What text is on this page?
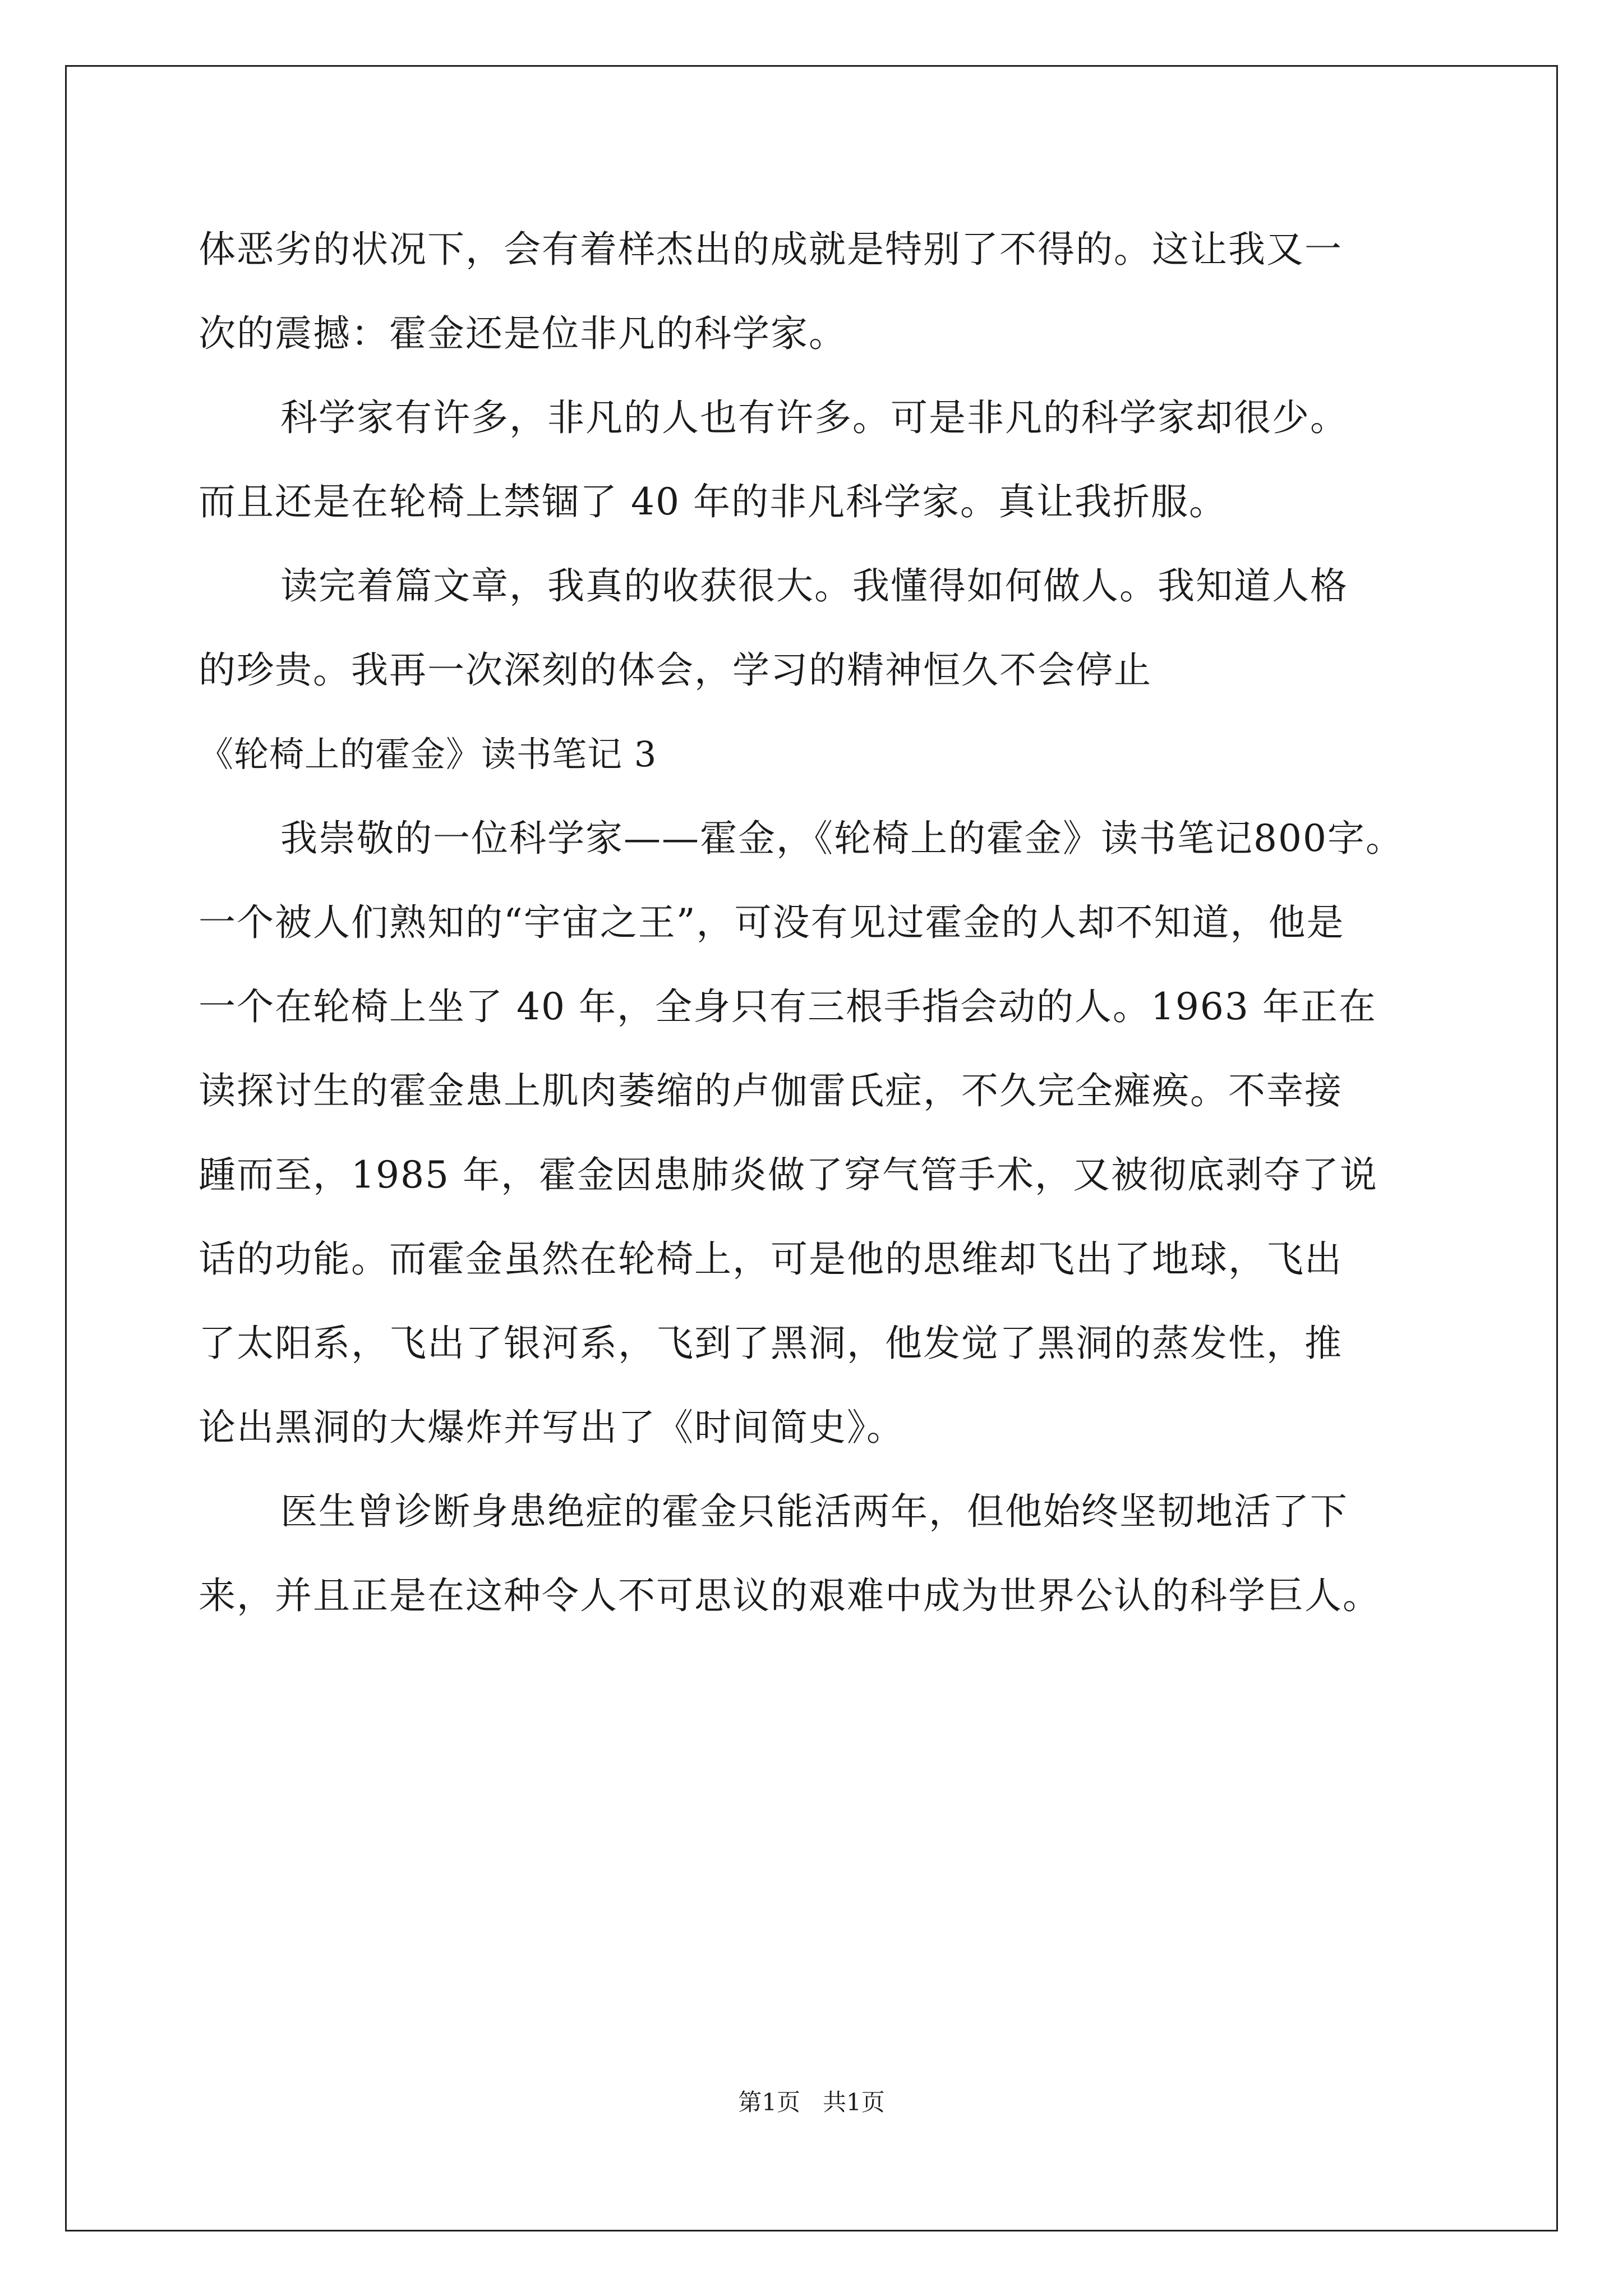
体恶劣的状况下，会有着样杰出的成就是特别了不得的。这让我又一
次的震撼：霍金还是位非凡的科学家。
科学家有许多，非凡的人也有许多。可是非凡的科学家却很少。
而且还是在轮椅上禁锢了 40 年的非凡科学家。真让我折服。
读完着篇文章，我真的收获很大。我懂得如何做人。我知道人格
的珍贵。我再一次深刻的体会，学习的精神恒久不会停止
《轮椅上的霍金》读书笔记 3
我崇敬的一位科学家——霍金，《轮椅上的霍金》读书笔记800字。
一个被人们熟知的“宇宙之王”，可没有见过霍金的人却不知道，他是
一个在轮椅上坐了 40 年，全身只有三根手指会动的人。1963 年正在
读探讨生的霍金患上肌肉萎缩的卢伽雷氏症，不久完全瘫痪。不幸接
踵而至，1985 年，霍金因患肺炎做了穿气管手术，又被彻底剥夺了说
话的功能。而霍金虽然在轮椅上，可是他的思维却飞出了地球，飞出
了太阳系，飞出了银河系，飞到了黑洞，他发觉了黑洞的蒸发性，推
论出黑洞的大爆炸并写出了《时间简史》。
医生曾诊断身患绝症的霍金只能活两年，但他始终坚韧地活了下
来，并且正是在这种令人不可思议的艰难中成为世界公认的科学巨人。
第1页   共1页
